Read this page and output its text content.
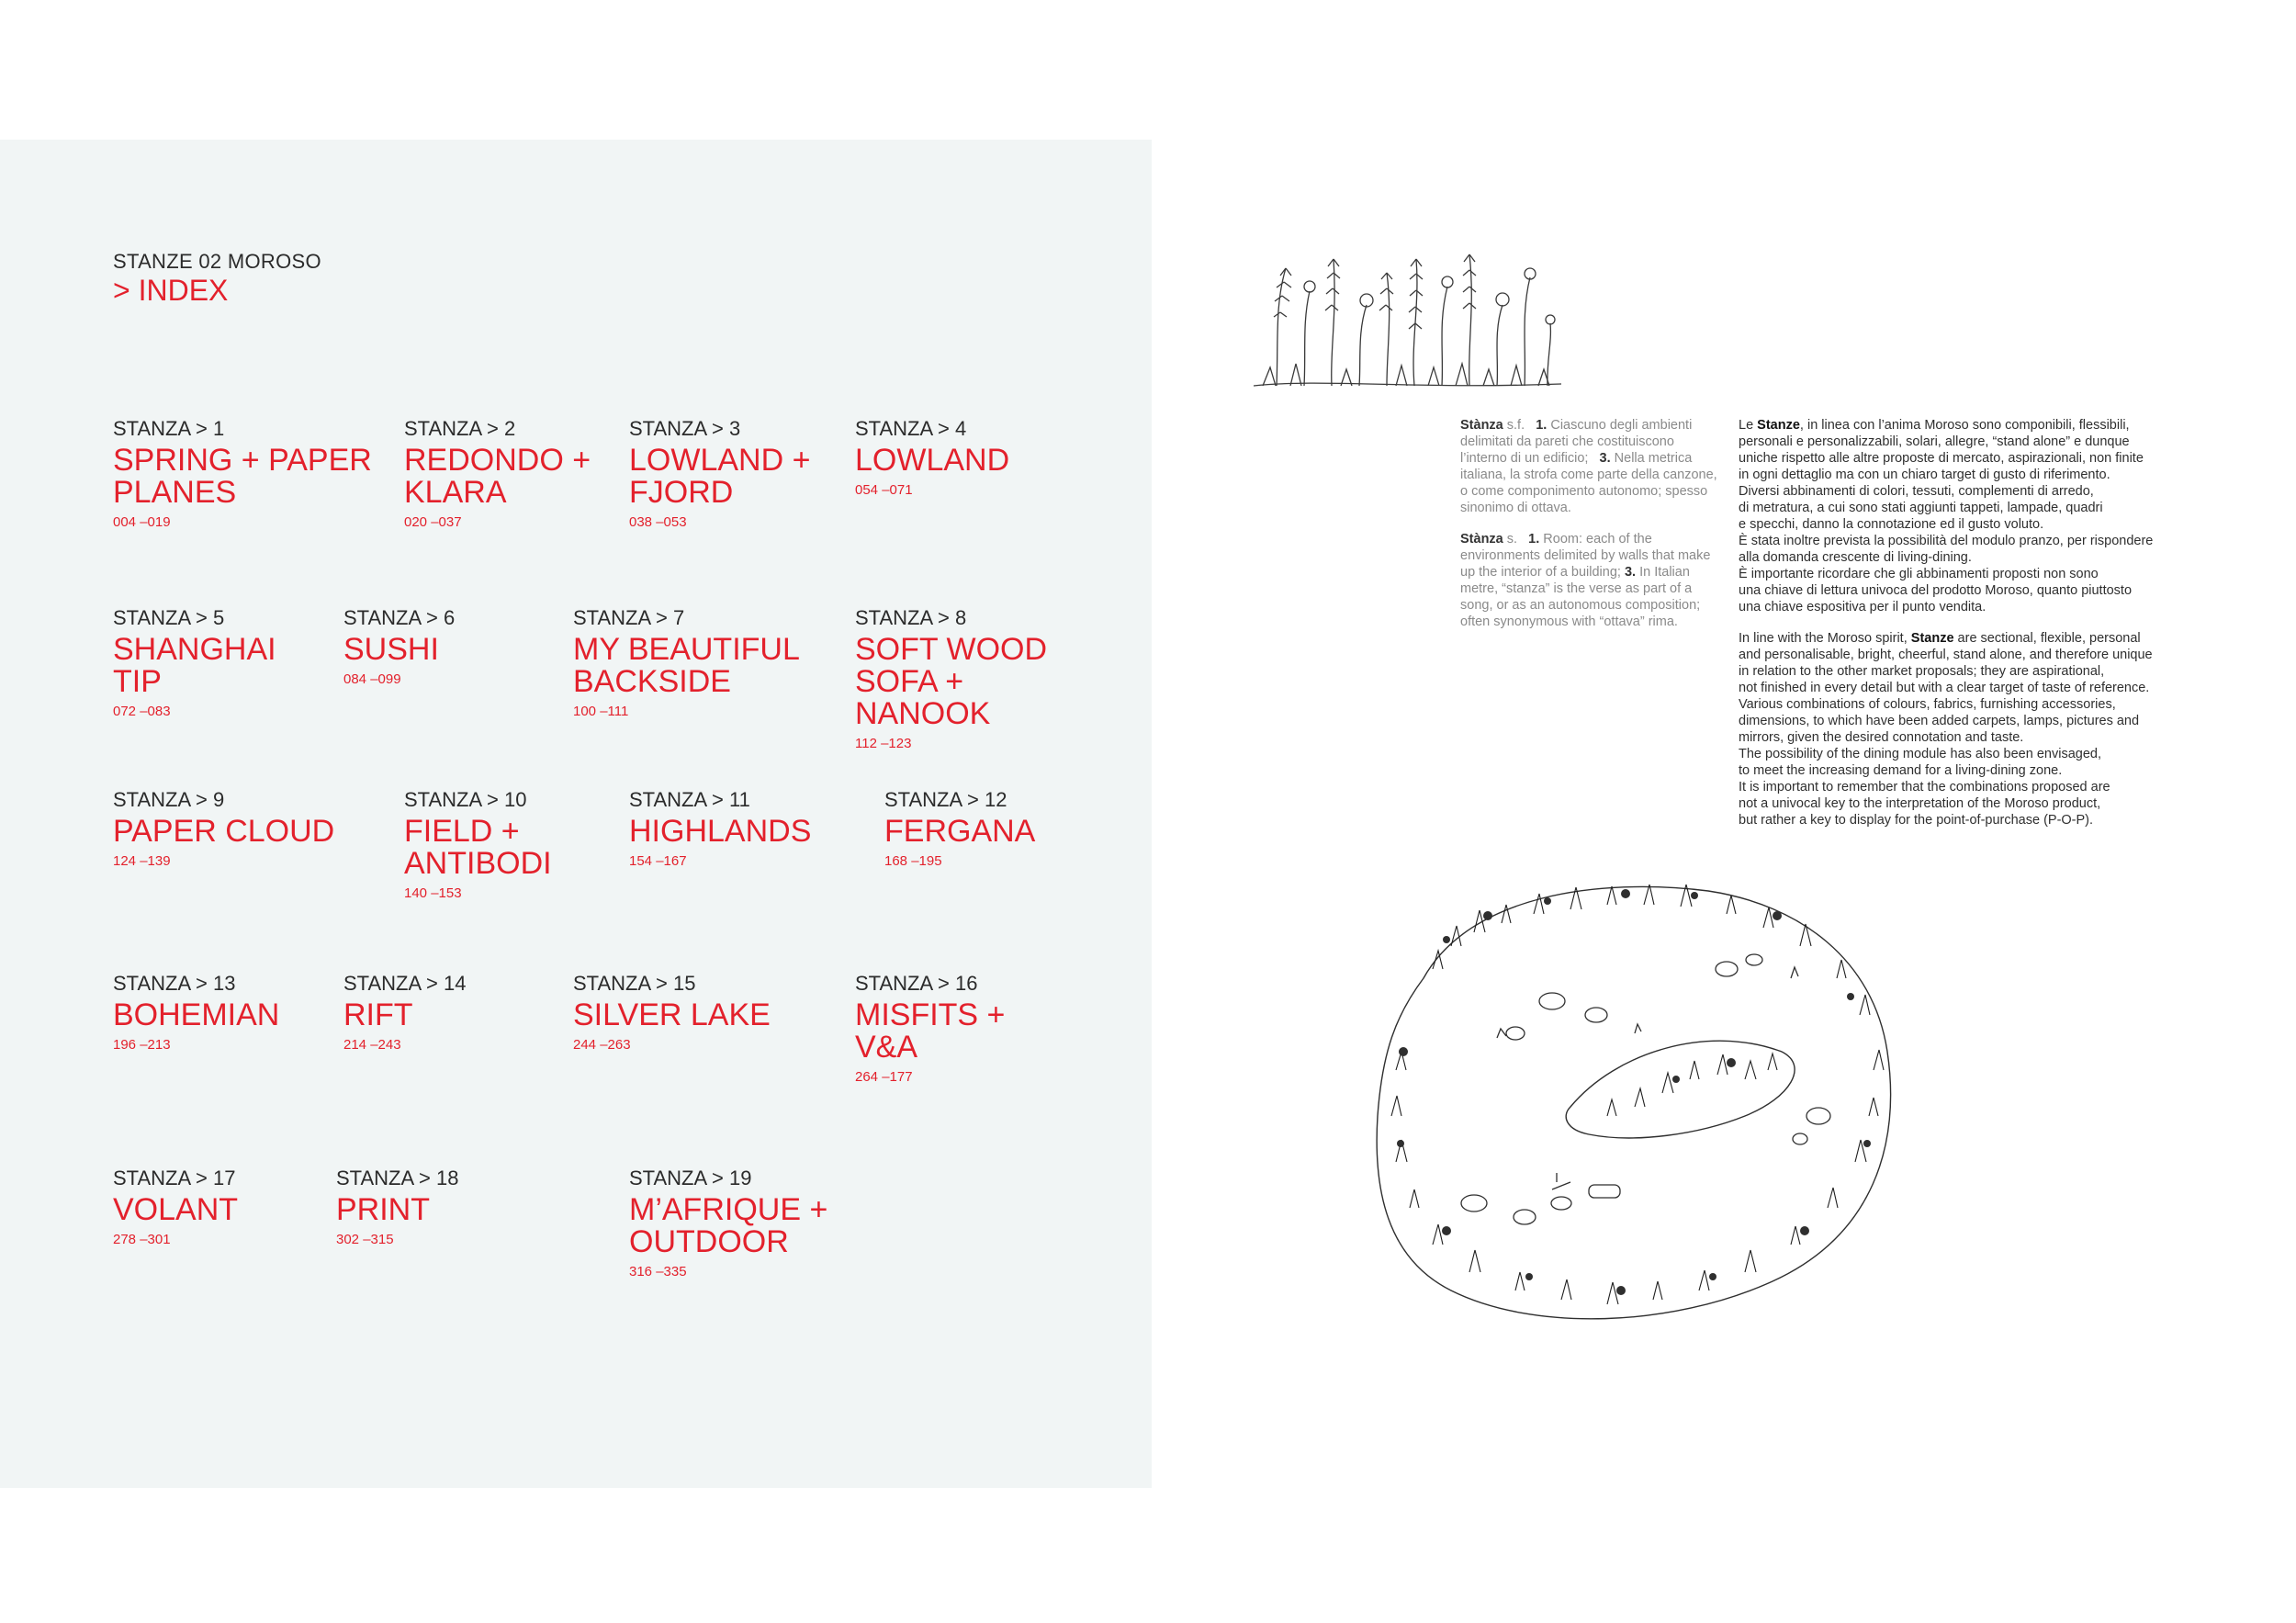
STANZE 02 MOROSO
> INDEX
STANZA > 1
SPRING + PAPER
PLANES
004 –019
STANZA > 2
REDONDO +
KLARA
020 –037
STANZA > 3
LOWLAND +
FJORD
038 –053
STANZA > 4
LOWLAND
054 –071
STANZA > 5
SHANGHAI
TIP
072 –083
STANZA > 6
SUSHI
084 –099
STANZA > 7
MY BEAUTIFUL
BACKSIDE
100 –111
STANZA > 8
SOFT WOOD
SOFA +
NANOOK
112 –123
STANZA > 9
PAPER CLOUD
124 –139
STANZA > 10
FIELD +
ANTIBODI
140 –153
STANZA > 11
HIGHLANDS
154 –167
STANZA > 12
FERGANA
168 –195
STANZA > 13
BOHEMIAN
196 –213
STANZA > 14
RIFT
214 –243
STANZA > 15
SILVER LAKE
244 –263
STANZA > 16
MISFITS +
V&A
264 –177
STANZA > 17
VOLANT
278 –301
STANZA > 18
PRINT
302 –315
STANZA > 19
M’AFRIQUE +
OUTDOOR
316 –335

Stànza s.f. 1. Ciascuno degli ambienti delimitati da pareti che costituiscono l’interno di un edificio; 3. Nella metrica italiana, la strofa come parte della canzone, o come componimento autonomo; spesso sinonimo di ottava.

Stànza s. 1. Room: each of the environments delimited by walls that make up the interior of a building; 3. In Italian metre, “stanza” is the verse as part of a song, or as an autonomous composition; often synonymous with “ottava” rima.

Le Stanze, in linea con l’anima Moroso sono componibili, flessibili,
personali e personalizzabili, solari, allegre, “stand alone” e dunque
uniche rispetto alle altre proposte di mercato, aspirazionali, non finite
in ogni dettaglio ma con un chiaro target di gusto di riferimento.
Diversi abbinamenti di colori, tessuti, complementi di arredo,
di metratura, a cui sono stati aggiunti tappeti, lampade, quadri
e specchi, danno la connotazione ed il gusto voluto.
È stata inoltre prevista la possibilità del modulo pranzo, per rispondere
alla domanda crescente di living-dining.
È importante ricordare che gli abbinamenti proposti non sono
una chiave di lettura univoca del prodotto Moroso, quanto piuttosto
una chiave espositiva per il punto vendita.

In line with the Moroso spirit, Stanze are sectional, flexible, personal
and personalisable, bright, cheerful, stand alone, and therefore unique
in relation to the other market proposals; they are aspirational,
not finished in every detail but with a clear target of taste of reference.
Various combinations of colours, fabrics, furnishing accessories,
dimensions, to which have been added carpets, lamps, pictures and
mirrors, given the desired connotation and taste.
The possibility of the dining module has also been envisaged,
to meet the increasing demand for a living-dining zone.
It is important to remember that the combinations proposed are
not a univocal key to the interpretation of the Moroso product,
but rather a key to display for the point-of-purchase (P-O-P).
